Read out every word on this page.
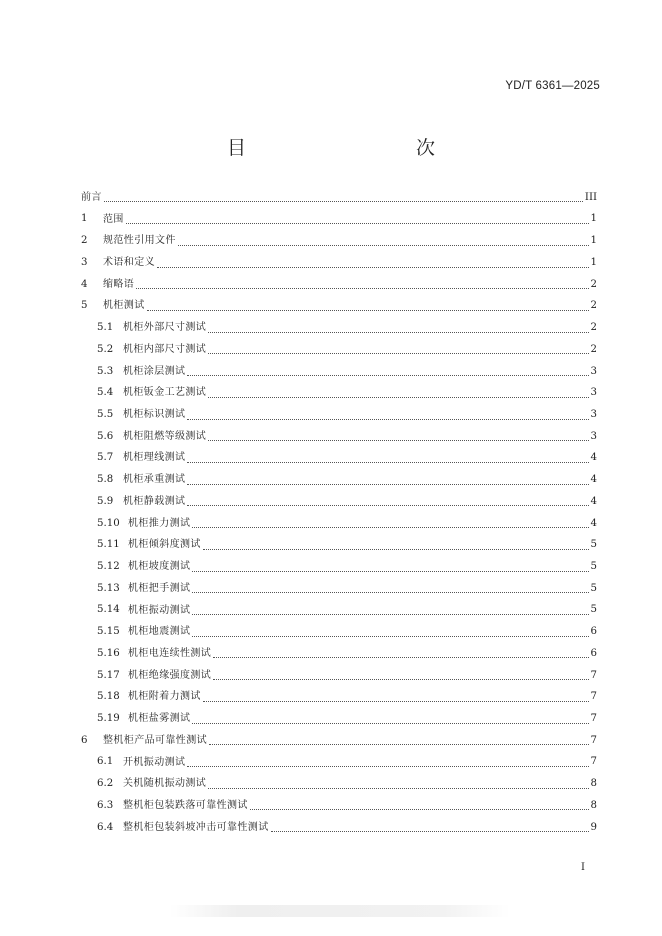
YD/T 6361—2025
目　　次
前言	III
1	范围	1
2	规范性引用文件	1
3	术语和定义	1
4	缩略语	2
5	机柜测试	2
5.1 机柜外部尺寸测试	2
5.2 机柜内部尺寸测试	2
5.3 机柜涂层测试	3
5.4 机柜钣金工艺测试	3
5.5 机柜标识测试	3
5.6 机柜阻燃等级测试	3
5.7 机柜理线测试	4
5.8 机柜承重测试	4
5.9 机柜静载测试	4
5.10 机柜推力测试	4
5.11 机柜倾斜度测试	5
5.12 机柜坡度测试	5
5.13 机柜把手测试	5
5.14 机柜振动测试	5
5.15 机柜地震测试	6
5.16 机柜电连续性测试	6
5.17 机柜绝缘强度测试	7
5.18 机柜附着力测试	7
5.19 机柜盐雾测试	7
6	整机柜产品可靠性测试	7
6.1 开机振动测试	7
6.2 关机随机振动测试	8
6.3 整机柜包装跌落可靠性测试	8
6.4 整机柜包装斜坡冲击可靠性测试	9
I
